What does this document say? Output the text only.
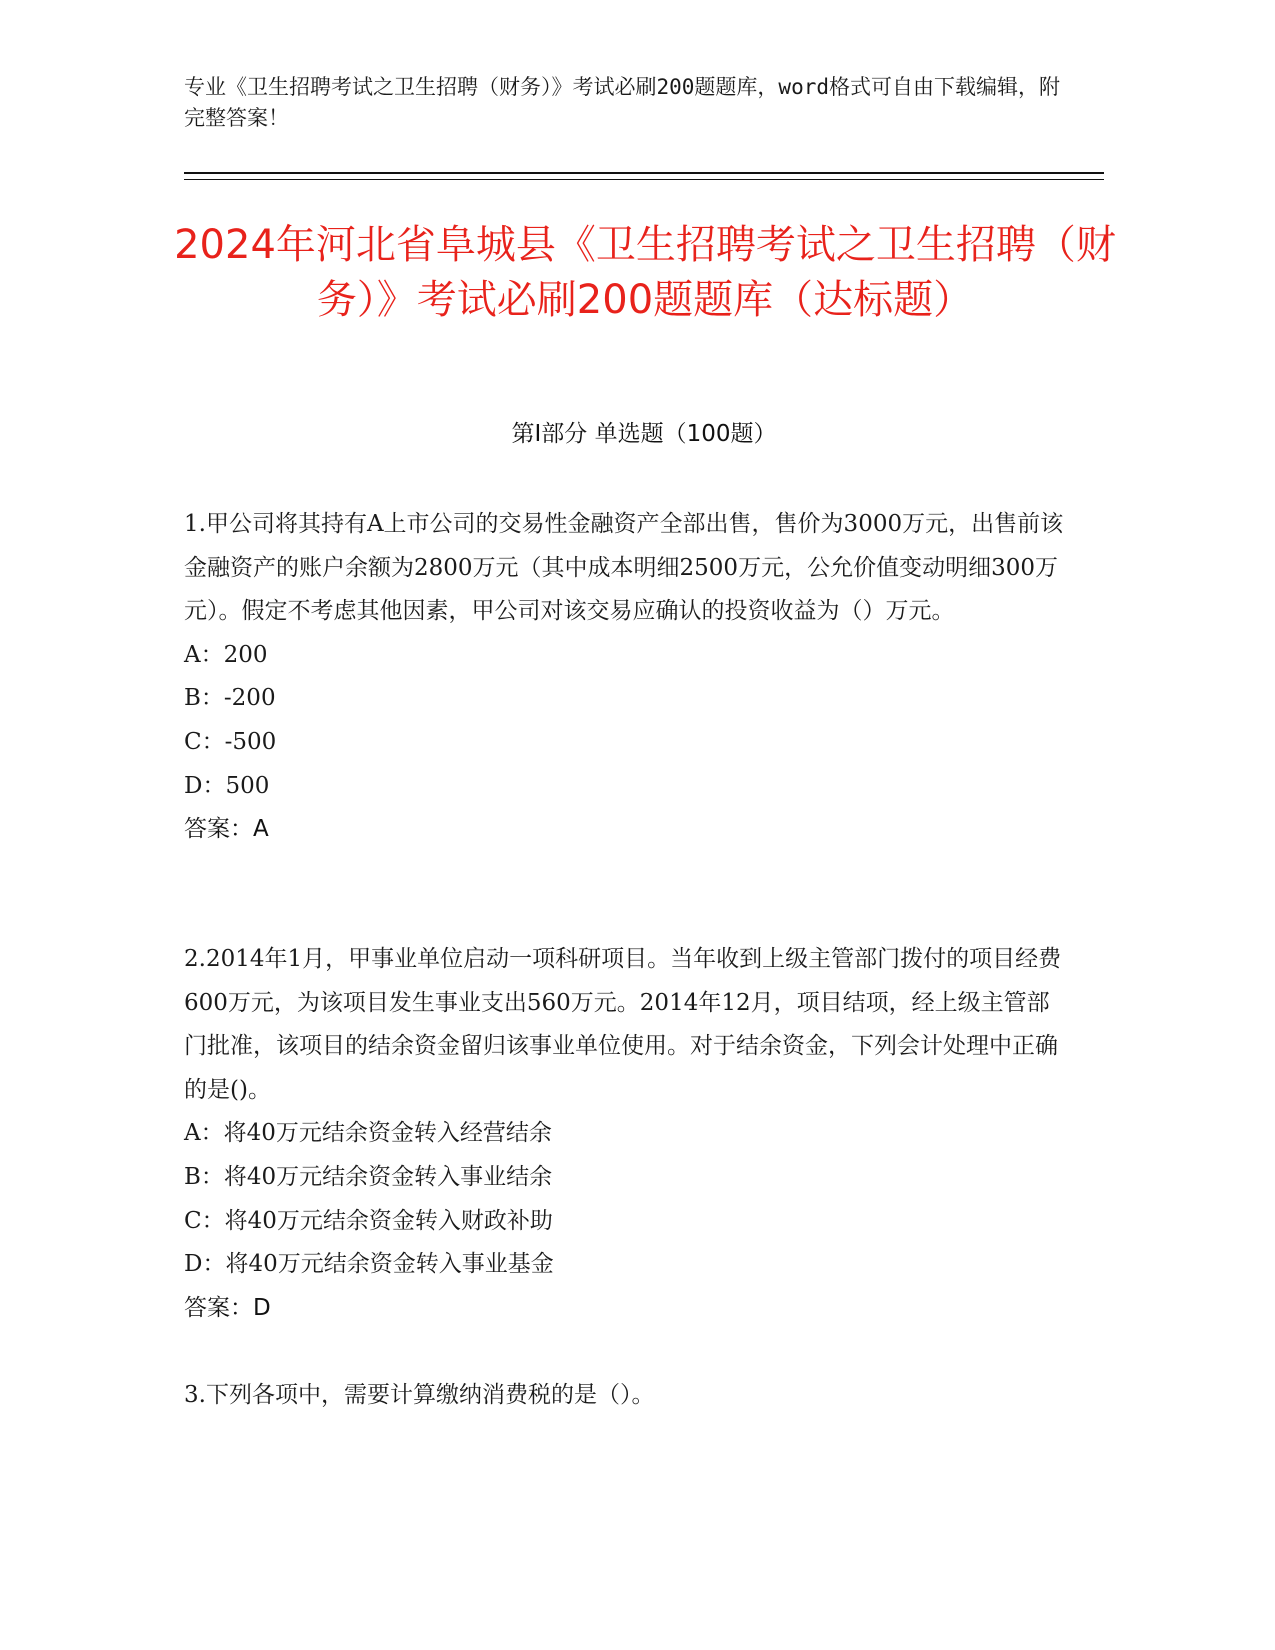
专业《卫生招聘考试之卫生招聘（财务）》考试必刷200题题库，word格式可自由下载编辑，附完整答案！

2024年河北省阜城县《卫生招聘考试之卫生招聘（财务）》考试必刷200题题库（达标题）
第Ⅰ部分 单选题（100题）

1.甲公司将其持有A上市公司的交易性金融资产全部出售，售价为3000万元，出售前该金融资产的账户余额为2800万元（其中成本明细2500万元，公允价值变动明细300万元）。假定不考虑其他因素，甲公司对该交易应确认的投资收益为（）万元。

A：200
B：-200
C：-500
D：500

答案：A

2.2014年1月，甲事业单位启动一项科研项目。当年收到上级主管部门拨付的项目经费600万元，为该项目发生事业支出560万元。2014年12月，项目结项，经上级主管部门批准，该项目的结余资金留归该事业单位使用。对于结余资金，下列会计处理中正确的是()。

A：将40万元结余资金转入经营结余
B：将40万元结余资金转入事业结余
C：将40万元结余资金转入财政补助
D：将40万元结余资金转入事业基金

答案：D

3.下列各项中，需要计算缴纳消费税的是（）。
